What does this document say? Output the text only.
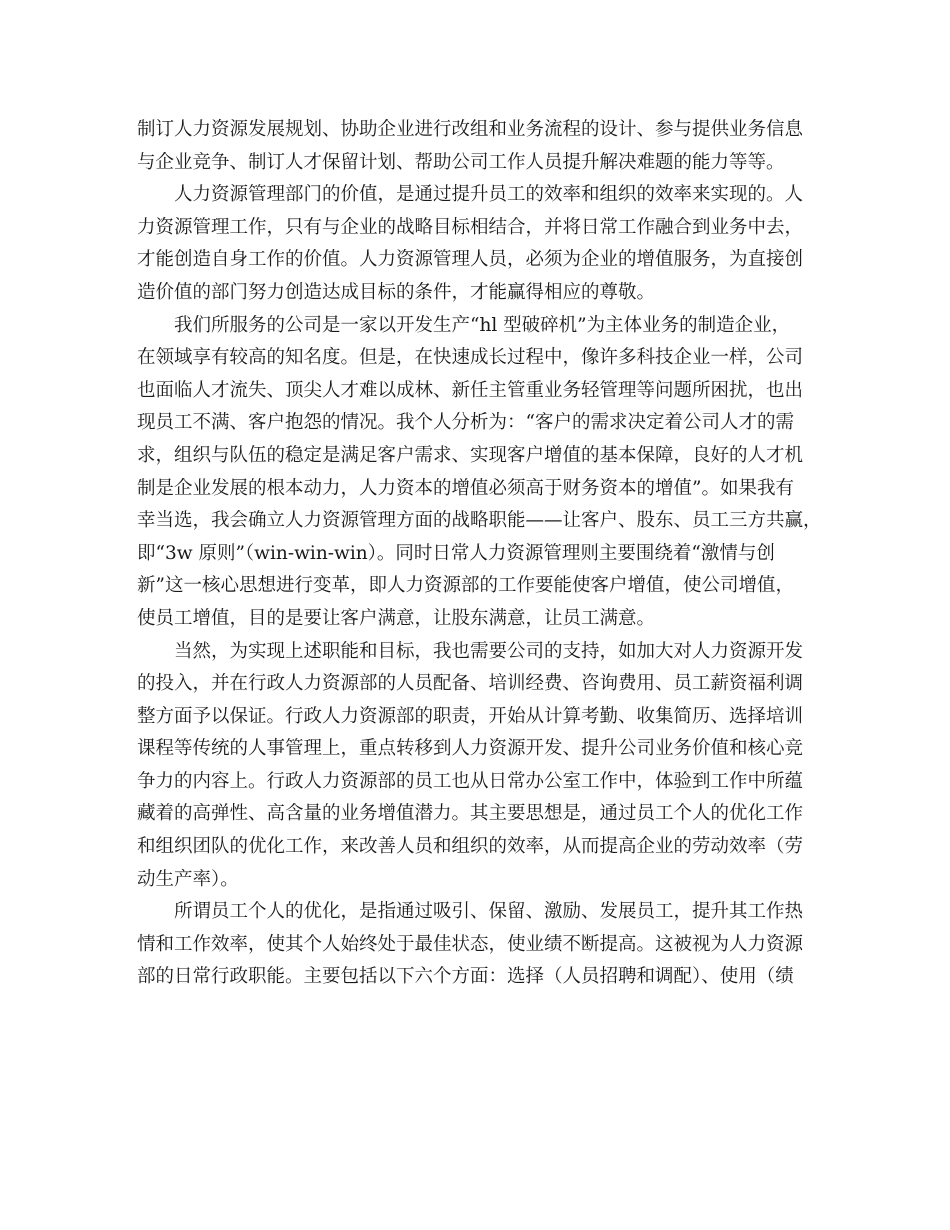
制订人力资源发展规划、协助企业进行改组和业务流程的设计、参与提供业务信息
与企业竞争、制订人才保留计划、帮助公司工作人员提升解决难题的能力等等。
人力资源管理部门的价值，是通过提升员工的效率和组织的效率来实现的。人
力资源管理工作，只有与企业的战略目标相结合，并将日常工作融合到业务中去，
才能创造自身工作的价值。人力资源管理人员，必须为企业的增值服务，为直接创
造价值的部门努力创造达成目标的条件，才能赢得相应的尊敬。
我们所服务的公司是一家以开发生产“hl 型破碎机”为主体业务的制造企业，
在领域享有较高的知名度。但是，在快速成长过程中，像许多科技企业一样，公司
也面临人才流失、顶尖人才难以成林、新任主管重业务轻管理等问题所困扰，也出
现员工不满、客户抱怨的情况。我个人分析为：“客户的需求决定着公司人才的需
求，组织与队伍的稳定是满足客户需求、实现客户增值的基本保障，良好的人才机
制是企业发展的根本动力，人力资本的增值必须高于财务资本的增值”。如果我有
幸当选，我会确立人力资源管理方面的战略职能——让客户、股东、员工三方共赢，
即“3w 原则”（win-win-win）。同时日常人力资源管理则主要围绕着“激情与创
新”这一核心思想进行变革，即人力资源部的工作要能使客户增值，使公司增值，
使员工增值，目的是要让客户满意，让股东满意，让员工满意。
当然，为实现上述职能和目标，我也需要公司的支持，如加大对人力资源开发
的投入，并在行政人力资源部的人员配备、培训经费、咨询费用、员工薪资福利调
整方面予以保证。行政人力资源部的职责，开始从计算考勤、收集简历、选择培训
课程等传统的人事管理上，重点转移到人力资源开发、提升公司业务价值和核心竞
争力的内容上。行政人力资源部的员工也从日常办公室工作中，体验到工作中所蕴
藏着的高弹性、高含量的业务增值潜力。其主要思想是，通过员工个人的优化工作
和组织团队的优化工作，来改善人员和组织的效率，从而提高企业的劳动效率（劳
动生产率）。
所谓员工个人的优化，是指通过吸引、保留、激励、发展员工，提升其工作热
情和工作效率，使其个人始终处于最佳状态，使业绩不断提高。这被视为人力资源
部的日常行政职能。主要包括以下六个方面：选择（人员招聘和调配）、使用（绩
